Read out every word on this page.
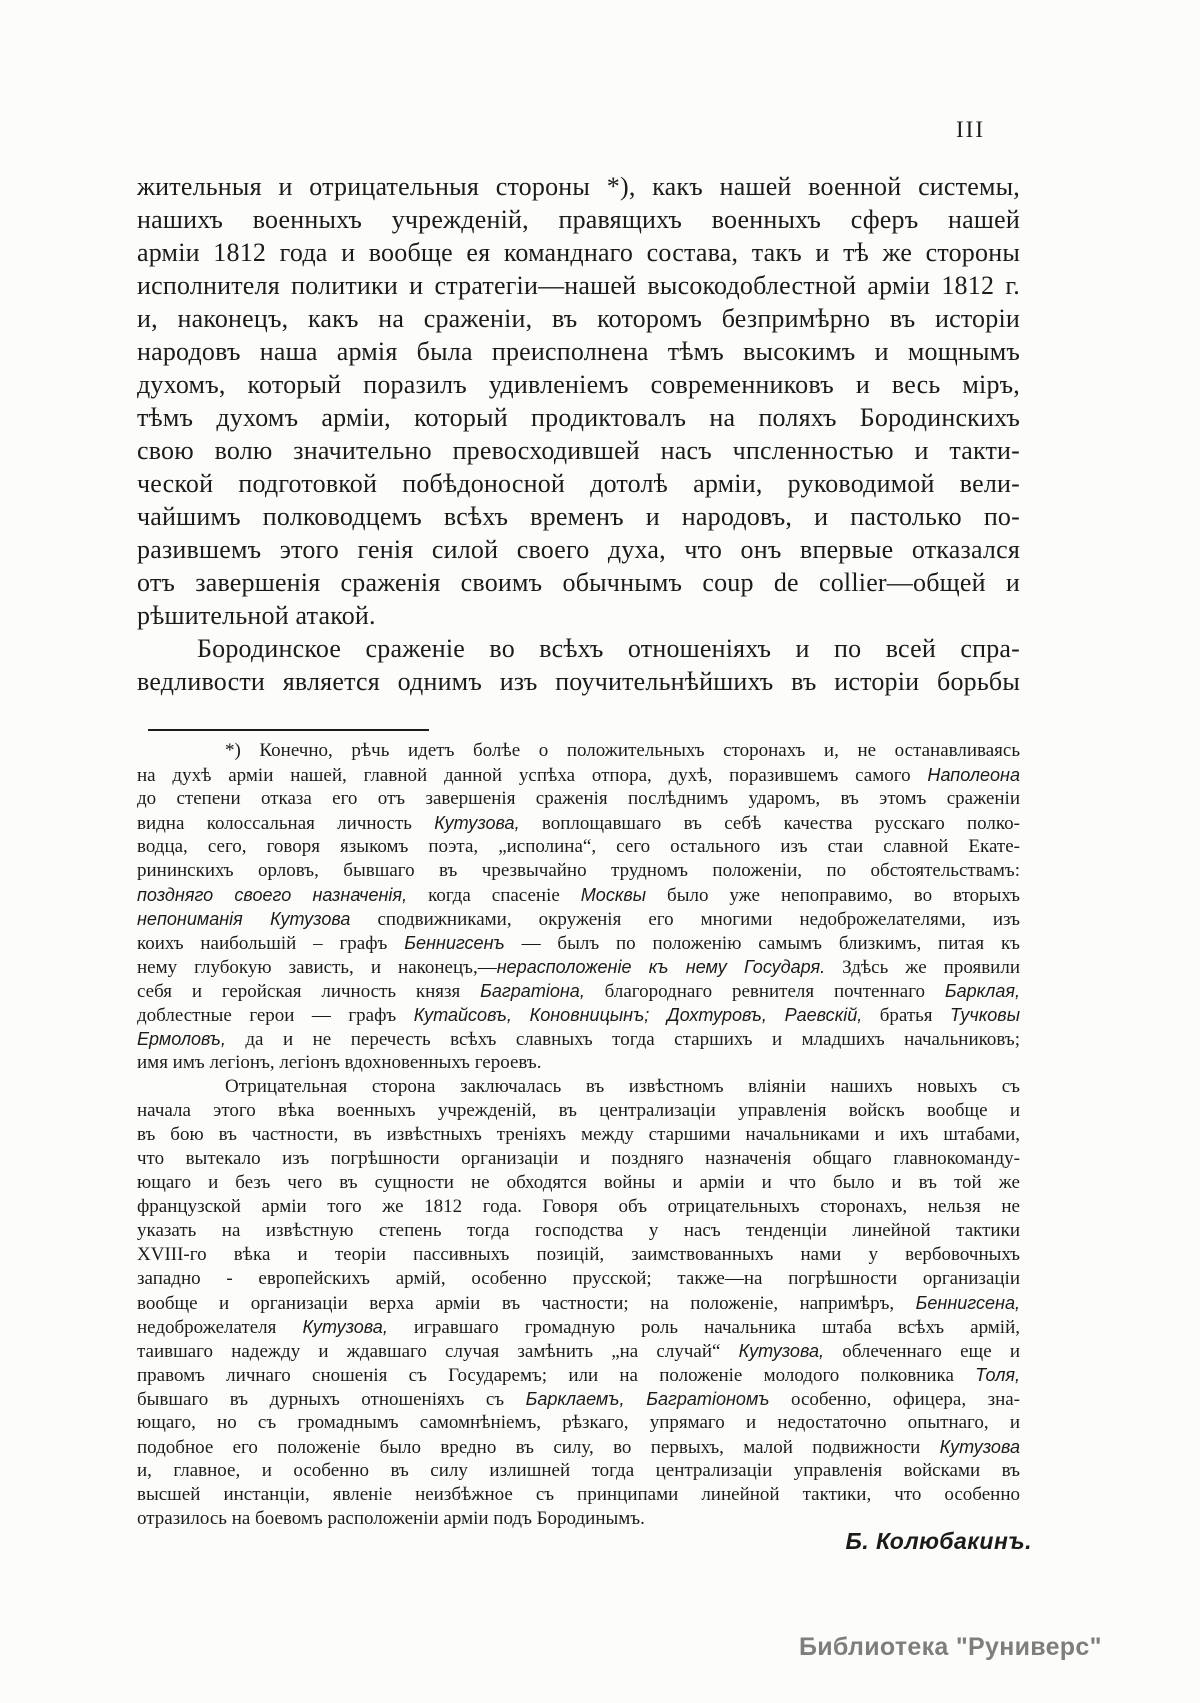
III
жительныя и отрицательныя стороны *), какъ нашей военной системы,
нашихъ военныхъ учрежденій, правящихъ военныхъ сферъ нашей
арміи 1812 года и вообще ея команднаго состава, такъ и тѣ же стороны
исполнителя политики и стратегіи—нашей высокодоблестной арміи 1812 г.
и, наконецъ, какъ на сраженіи, въ которомъ безпримѣрно въ исторіи
народовъ наша армія была преисполнена тѣмъ высокимъ и мощнымъ
духомъ, который поразилъ удивленіемъ современниковъ и весь міръ,
тѣмъ духомъ арміи, который продиктовалъ на поляхъ Бородинскихъ
свою волю значительно превосходившей насъ чпсленностью и такти-
ческой подготовкой побѣдоносной дотолѣ арміи, руководимой вели-
чайшимъ полководцемъ всѣхъ временъ и народовъ, и пастолько по-
разившемъ этого генія силой своего духа, что онъ впервые отказался
отъ завершенія сраженія своимъ обычнымъ coup de collier—общей и
рѣшительной атакой.
Бородинское сраженіе во всѣхъ отношеніяхъ и по всей спра-
ведливости является однимъ изъ поучительнѣйшихъ въ исторіи борьбы
*) Конечно, рѣчь идетъ болѣе о положительныхъ сторонахъ и, не останавливаясь
на духѣ арміи нашей, главной данной успѣха отпора, духѣ, поразившемъ самого Наполеона
до степени отказа его отъ завершенія сраженія послѣднимъ ударомъ, въ этомъ сраженіи
видна колоссальная личность Кутузова, воплощавшаго въ себѣ качества русскаго полко-
водца, сего, говоря языкомъ поэта, „исполина“, сего остального изъ стаи славной Екате-
рининскихъ орловъ, бывшаго въ чрезвычайно трудномъ положеніи, по обстоятельствамъ:
поздняго своего назначенія, когда спасеніе Москвы было уже непоправимо, во вторыхъ
непониманія Кутузова сподвижниками, окруженія его многими недоброжелателями, изъ
коихъ наибольшій – графъ Беннигсенъ — былъ по положенію самымъ близкимъ, питая къ
нему глубокую зависть, и наконецъ,—нерасположеніе къ нему Государя. Здѣсь же проявили
себя и геройская личность князя Багратіона, благороднаго ревнителя почтеннаго Барклая,
доблестные герои — графъ Кутайсовъ, Коновницынъ; Дохтуровъ, Раевскій, братья Тучковы
Ермоловъ, да и не перечесть всѣхъ славныхъ тогда старшихъ и младшихъ начальниковъ;
имя имъ легіонъ, легіонъ вдохновенныхъ героевъ.
Отрицательная сторона заключалась въ извѣстномъ вліяніи нашихъ новыхъ съ
начала этого вѣка военныхъ учрежденій, въ централизаціи управленія войскъ вообще и
въ бою въ частности, въ извѣстныхъ треніяхъ между старшими начальниками и ихъ штабами,
что вытекало изъ погрѣшности организаціи и поздняго назначенія общаго главнокоманду-
ющаго и безъ чего въ сущности не обходятся войны и арміи и что было и въ той же
французской арміи того же 1812 года. Говоря объ отрицательныхъ сторонахъ, нельзя не
указать на извѣстную степень тогда господства у насъ тенденціи линейной тактики
XVIII-го вѣка и теоріи пассивныхъ позицій, заимствованныхъ нами у вербовочныхъ
западно - европейскихъ армій, особенно прусской; также—на погрѣшности организаціи
вообще и организаціи верха арміи въ частности; на положеніе, напримѣръ, Беннигсена,
недоброжелателя Кутузова, игравшаго громадную роль начальника штаба всѣхъ армій,
таившаго надежду и ждавшаго случая замѣнить „на случай“ Кутузова, облеченнаго еще и
правомъ личнаго сношенія съ Государемъ; или на положеніе молодого полковника Толя,
бывшаго въ дурныхъ отношеніяхъ съ Барклаемъ, Багратіономъ особенно, офицера, зна-
ющаго, но съ громаднымъ самомнѣніемъ, рѣзкаго, упрямаго и недостаточно опытнаго, и
подобное его положеніе было вредно въ силу, во первыхъ, малой подвижности Кутузова
и, главное, и особенно въ силу излишней тогда централизаціи управленія войсками въ
высшей инстанціи, явленіе неизбѣжное съ принципами линейной тактики, что особенно
отразилось на боевомъ расположеніи арміи подъ Бородинымъ.
Б. Колюбакинъ.
Библиотека "Руниверс"
